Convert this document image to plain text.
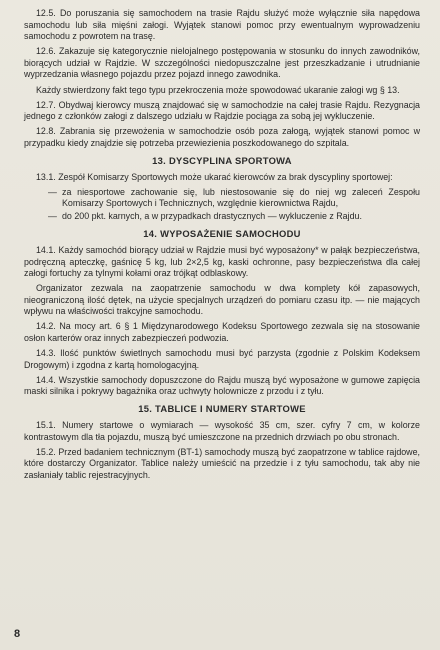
12.5. Do poruszania się samochodem na trasie Rajdu służyć może wyłącznie siła napędowa samochodu lub siła mięśni załogi. Wyjątek stanowi pomoc przy ewentualnym wyprowadzeniu samochodu z powrotem na trasę.

12.6. Zakazuje się kategorycznie nielojalnego postępowania w stosunku do innych zawodników, biorących udział w Rajdzie. W szczególności niedopuszczalne jest przeszkadzanie i utrudnianie wyprzedzania własnego pojazdu przez pojazd innego zawodnika.

Każdy stwierdzony fakt tego typu przekroczenia może spowodować ukaranie załogi wg § 13.

12.7. Obydwaj kierowcy muszą znajdować się w samochodzie na całej trasie Rajdu. Rezygnacja jednego z członków załogi z dalszego udziału w Rajdzie pociąga za sobą jej wykluczenie.

12.8. Zabrania się przewożenia w samochodzie osób poza załogą, wyjątek stanowi pomoc w przypadku kiedy znajdzie się potrzeba przewiezienia poszkodowanego do szpitala.

13. DYSCYPLINA SPORTOWA

13.1. Zespół Komisarzy Sportowych może ukarać kierowców za brak dyscypliny sportowej:

— za niesportowe zachowanie się, lub niestosowanie się do niej wg zaleceń Zespołu Komisarzy Sportowych i Technicznych, względnie kierownictwa Rajdu,
— do 200 pkt. karnych, a w przypadkach drastycznych — wykluczenie z Rajdu.
14. WYPOSAŻENIE SAMOCHODU

14.1. Każdy samochód biorący udział w Rajdzie musi być wyposażony* w pałąk bezpieczeństwa, podręczną apteczkę, gaśnicę 5 kg, lub 2×2,5 kg, kaski ochronne, pasy bezpieczeństwa dla całej załogi fortuchy za tylnymi kołami oraz trójkąt odblaskowy.

Organizator zezwala na zaopatrzenie samochodu w dwa komplety kół zapasowych, nieograniczoną ilość dętek, na użycie specjalnych urządzeń do pomiaru czasu itp. — nie mających wpływu na właściwości trakcyjne samochodu.

14.2. Na mocy art. 6 § 1 Międzynarodowego Kodeksu Sportowego zezwala się na stosowanie osłon karterów oraz innych zabezpieczeń podwozia.

14.3. Ilość punktów świetlnych samochodu musi być parzysta (zgodnie z Polskim Kodeksem Drogowym) i zgodna z kartą homologacyjną.

14.4. Wszystkie samochody dopuszczone do Rajdu muszą być wyposażone w gumowe zapięcia maski silnika i pokrywy bagażnika oraz uchwyty holownicze z przodu i z tyłu.

15. TABLICE I NUMERY STARTOWE

15.1. Numery startowe o wymiarach — wysokość 35 cm, szer. cyfry 7 cm, w kolorze kontrastowym dla tła pojazdu, muszą być umieszczone na przednich drzwiach po obu stronach.

15.2. Przed badaniem technicznym (BT-1) samochody muszą być zaopatrzone w tablice rajdowe, które dostarczy Organizator. Tablice należy umieścić na przedzie i z tyłu samochodu, tak aby nie zasłaniały tablic rejestracyjnych.

8
